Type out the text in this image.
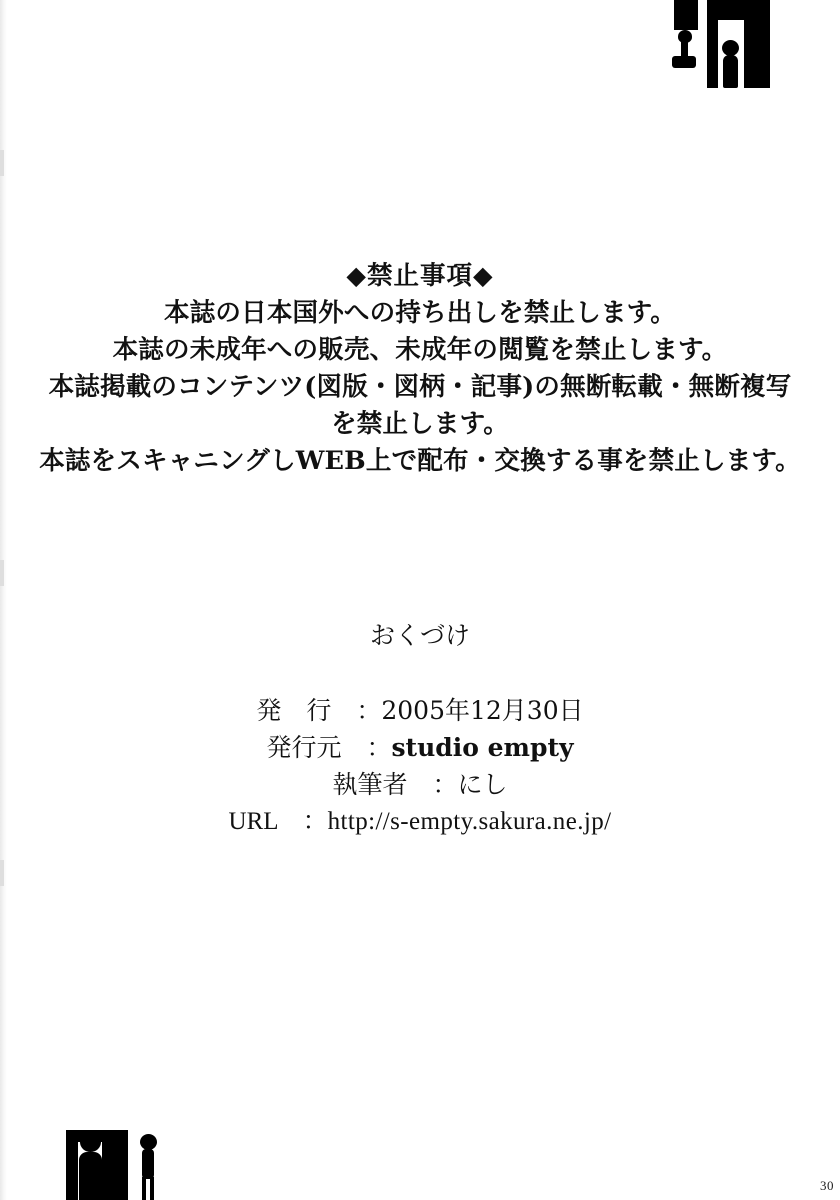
◆禁止事項◆
本誌の日本国外への持ち出しを禁止します。
本誌の未成年への販売、未成年の閲覧を禁止します。
本誌掲載のコンテンツ(図版・図柄・記事)の無断転載・無断複写
を禁止します。
本誌をスキャニングしWEB上で配布・交換する事を禁止します。
おくづけ
発　行　：2005年12月30日
発行元　：studio empty
執筆者　：にし
URL　：http://s-empty.sakura.ne.jp/
30
